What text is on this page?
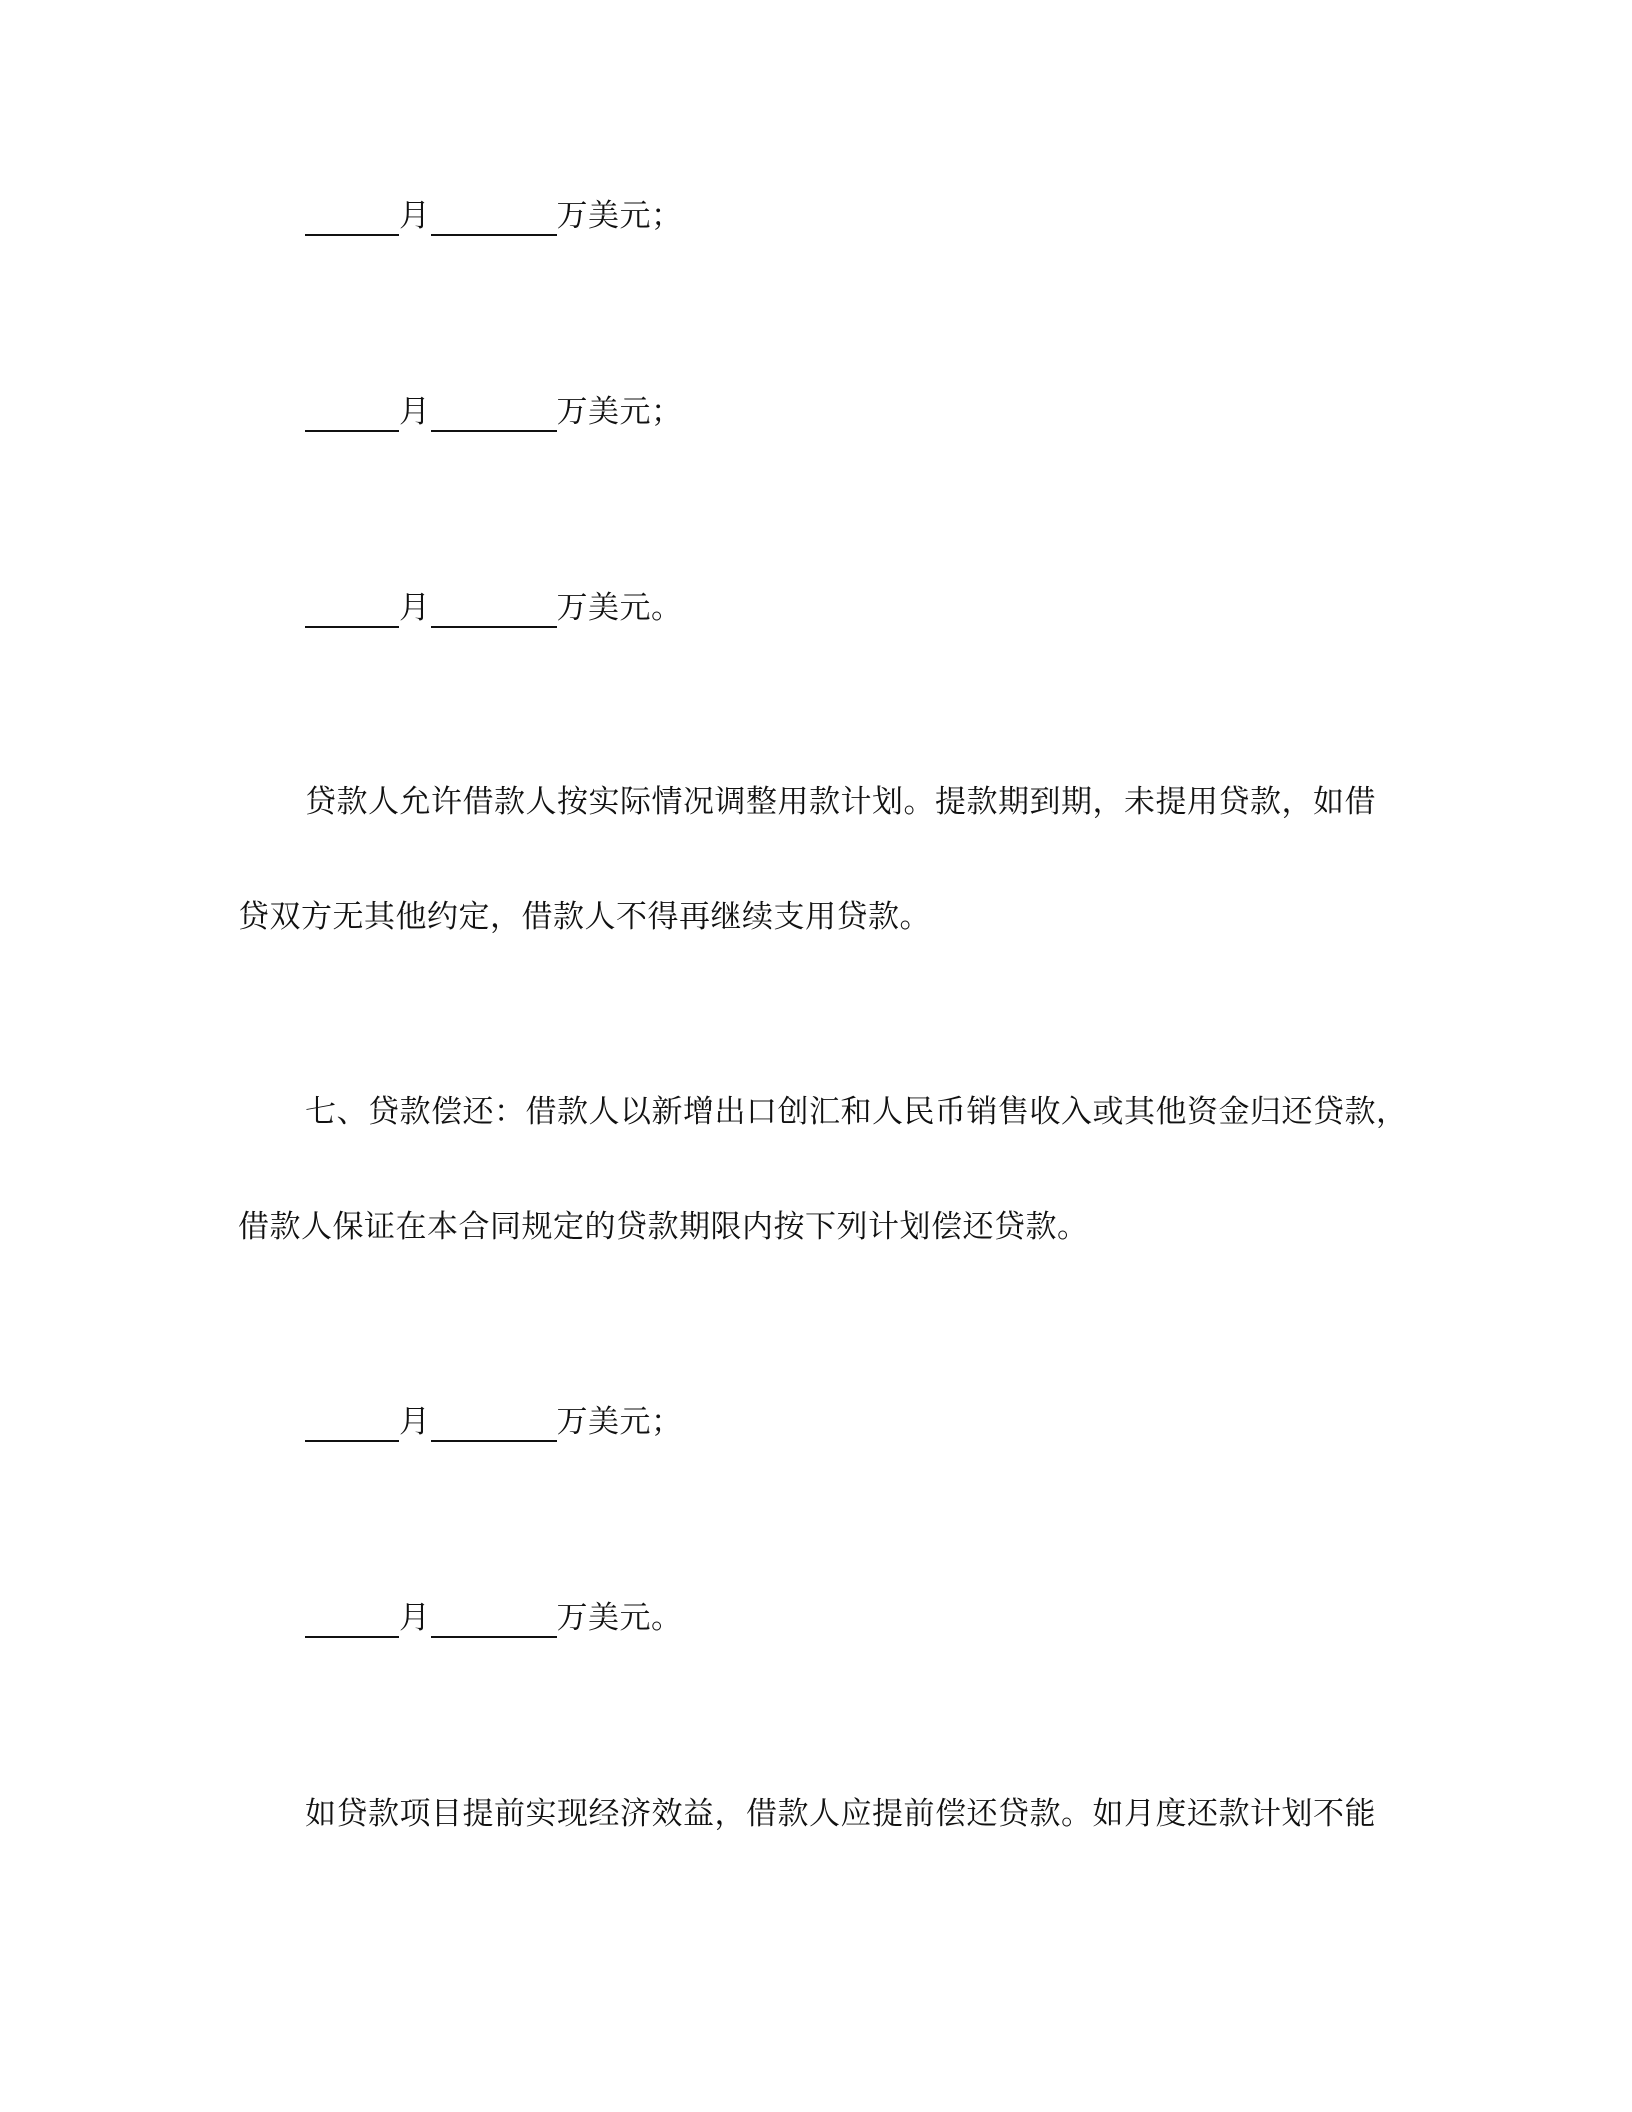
月	万美元；
月	万美元；
月	万美元。
贷款人允许借款人按实际情况调整用款计划。提款期到期，未提用贷款，如借
贷双方无其他约定，借款人不得再继续支用贷款。
七、贷款偿还：借款人以新增出口创汇和人民币销售收入或其他资金归还贷款，
借款人保证在本合同规定的贷款期限内按下列计划偿还贷款。
月	万美元；
月	万美元。
如贷款项目提前实现经济效益，借款人应提前偿还贷款。如月度还款计划不能
